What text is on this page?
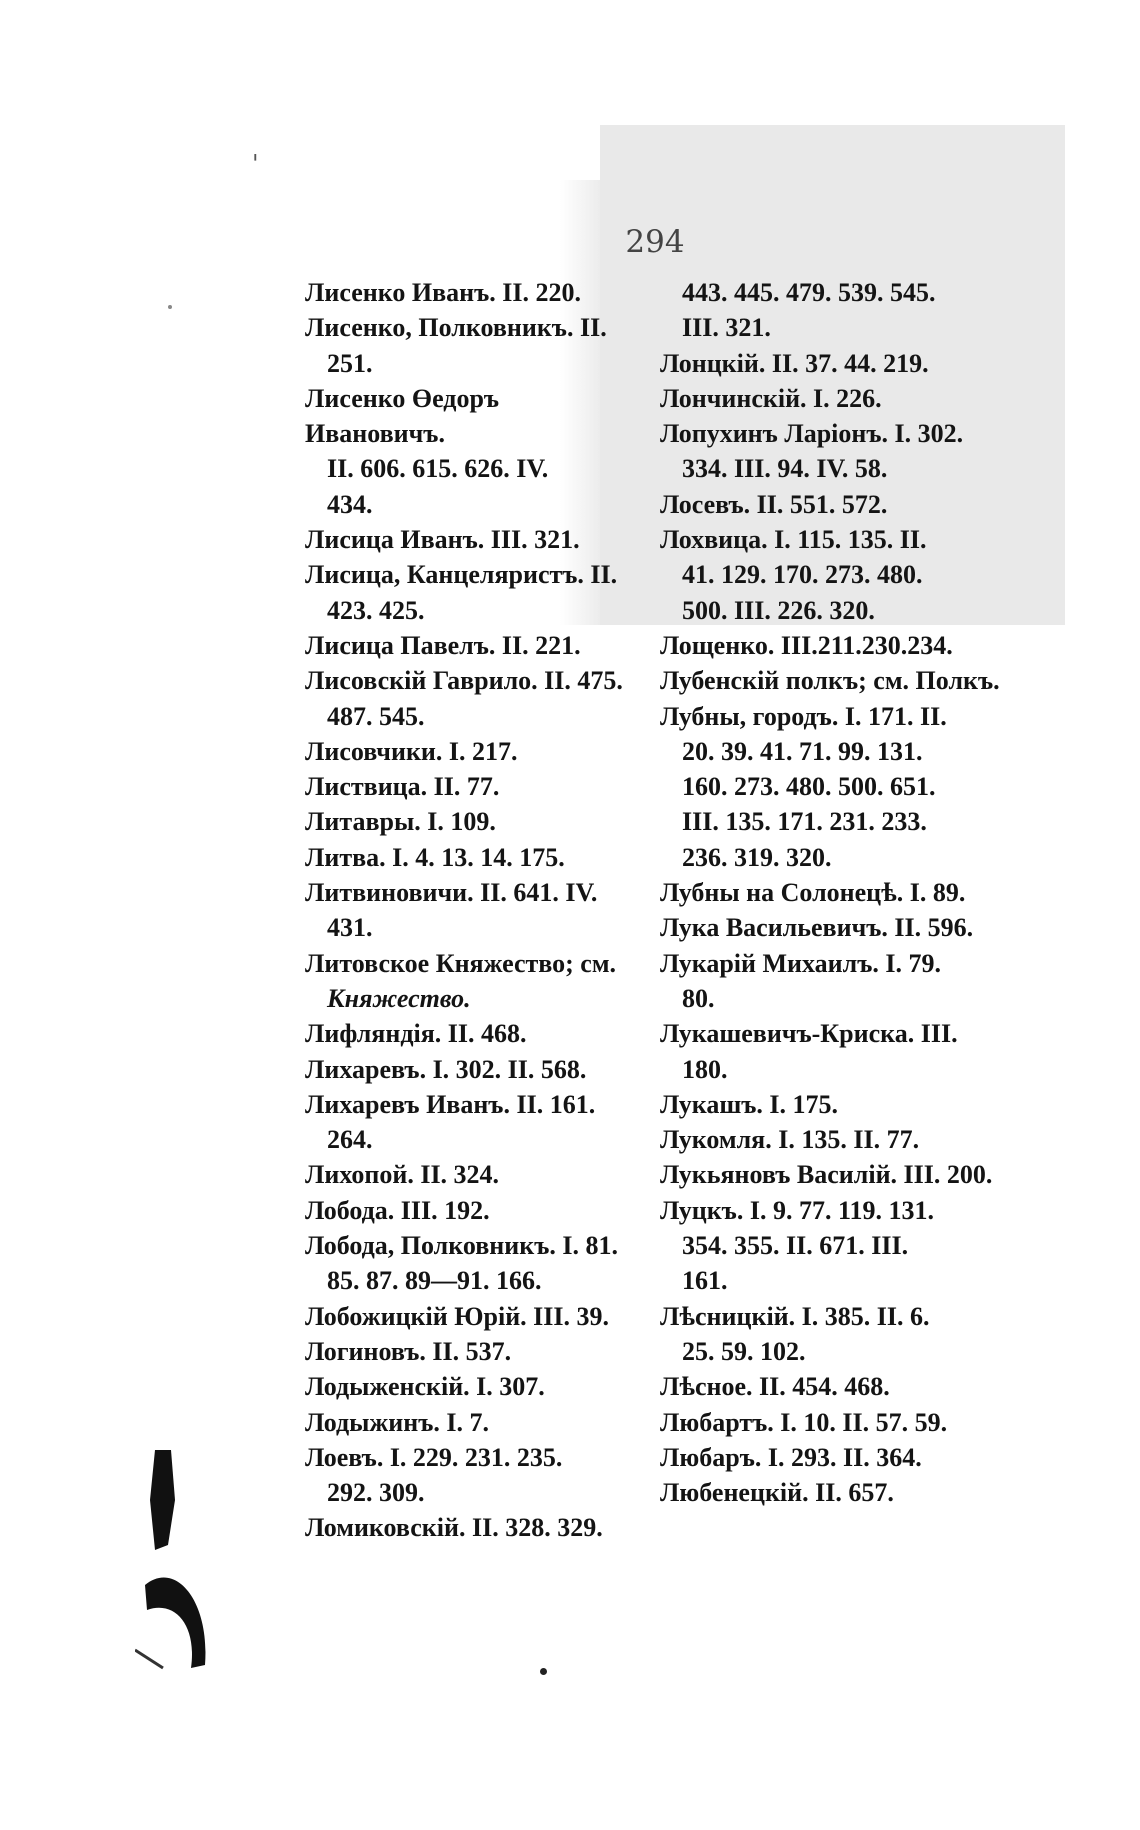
'
294
Лисенко Иванъ. II. 220.
Лисенко, Полковникъ. II.
251.
Лисенко Өедоръ Ивановичъ.
II. 606. 615. 626. IV.
434.
Лисица Иванъ. III. 321.
Лисица, Канцеляристъ. II.
423. 425.
Лисица Павелъ. II. 221.
Лисовскій Гаврило. II. 475.
487. 545.
Лисовчики. I. 217.
Листвица. II. 77.
Литавры. I. 109.
Литва. I. 4. 13. 14. 175.
Литвиновичи. II. 641. IV.
431.
Литовское Княжество; см.
Княжество.
Лифляндія. II. 468.
Лихаревъ. I. 302. II. 568.
Лихаревъ Иванъ. II. 161.
264.
Лихопой. II. 324.
Лобода. III. 192.
Лобода, Полковникъ. I. 81.
85. 87. 89—91. 166.
Лобожицкій Юрій. III. 39.
Логиновъ. II. 537.
Лодыженскій. I. 307.
Лодыжинъ. I. 7.
Лоевъ. I. 229. 231. 235.
292. 309.
Ломиковскій. II. 328. 329.
443. 445. 479. 539. 545.
III. 321.
Лонцкій. II. 37. 44. 219.
Лончинскій. I. 226.
Лопухинъ Ларіонъ. I. 302.
334. III. 94. IV. 58.
Лосевъ. II. 551. 572.
Лохвица. I. 115. 135. II.
41. 129. 170. 273. 480.
500. III. 226. 320.
Лощенко. III.211.230.234.
Лубенскій полкъ; см. Полкъ.
Лубны, городъ. I. 171. II.
20. 39. 41. 71. 99. 131.
160. 273. 480. 500. 651.
III. 135. 171. 231. 233.
236. 319. 320.
Лубны на Солонецѣ. I. 89.
Лука Васильевичъ. II. 596.
Лукарій Михаилъ. I. 79.
80.
Лукашевичъ-Криска. III.
180.
Лукашъ. I. 175.
Лукомля. I. 135. II. 77.
Лукьяновъ Василій. III. 200.
Луцкъ. I. 9. 77. 119. 131.
354. 355. II. 671. III.
161.
Лѣсницкій. I. 385. II. 6.
25. 59. 102.
Лѣсное. II. 454. 468.
Любартъ. I. 10. II. 57. 59.
Любаръ. I. 293. II. 364.
Любенецкій. II. 657.
